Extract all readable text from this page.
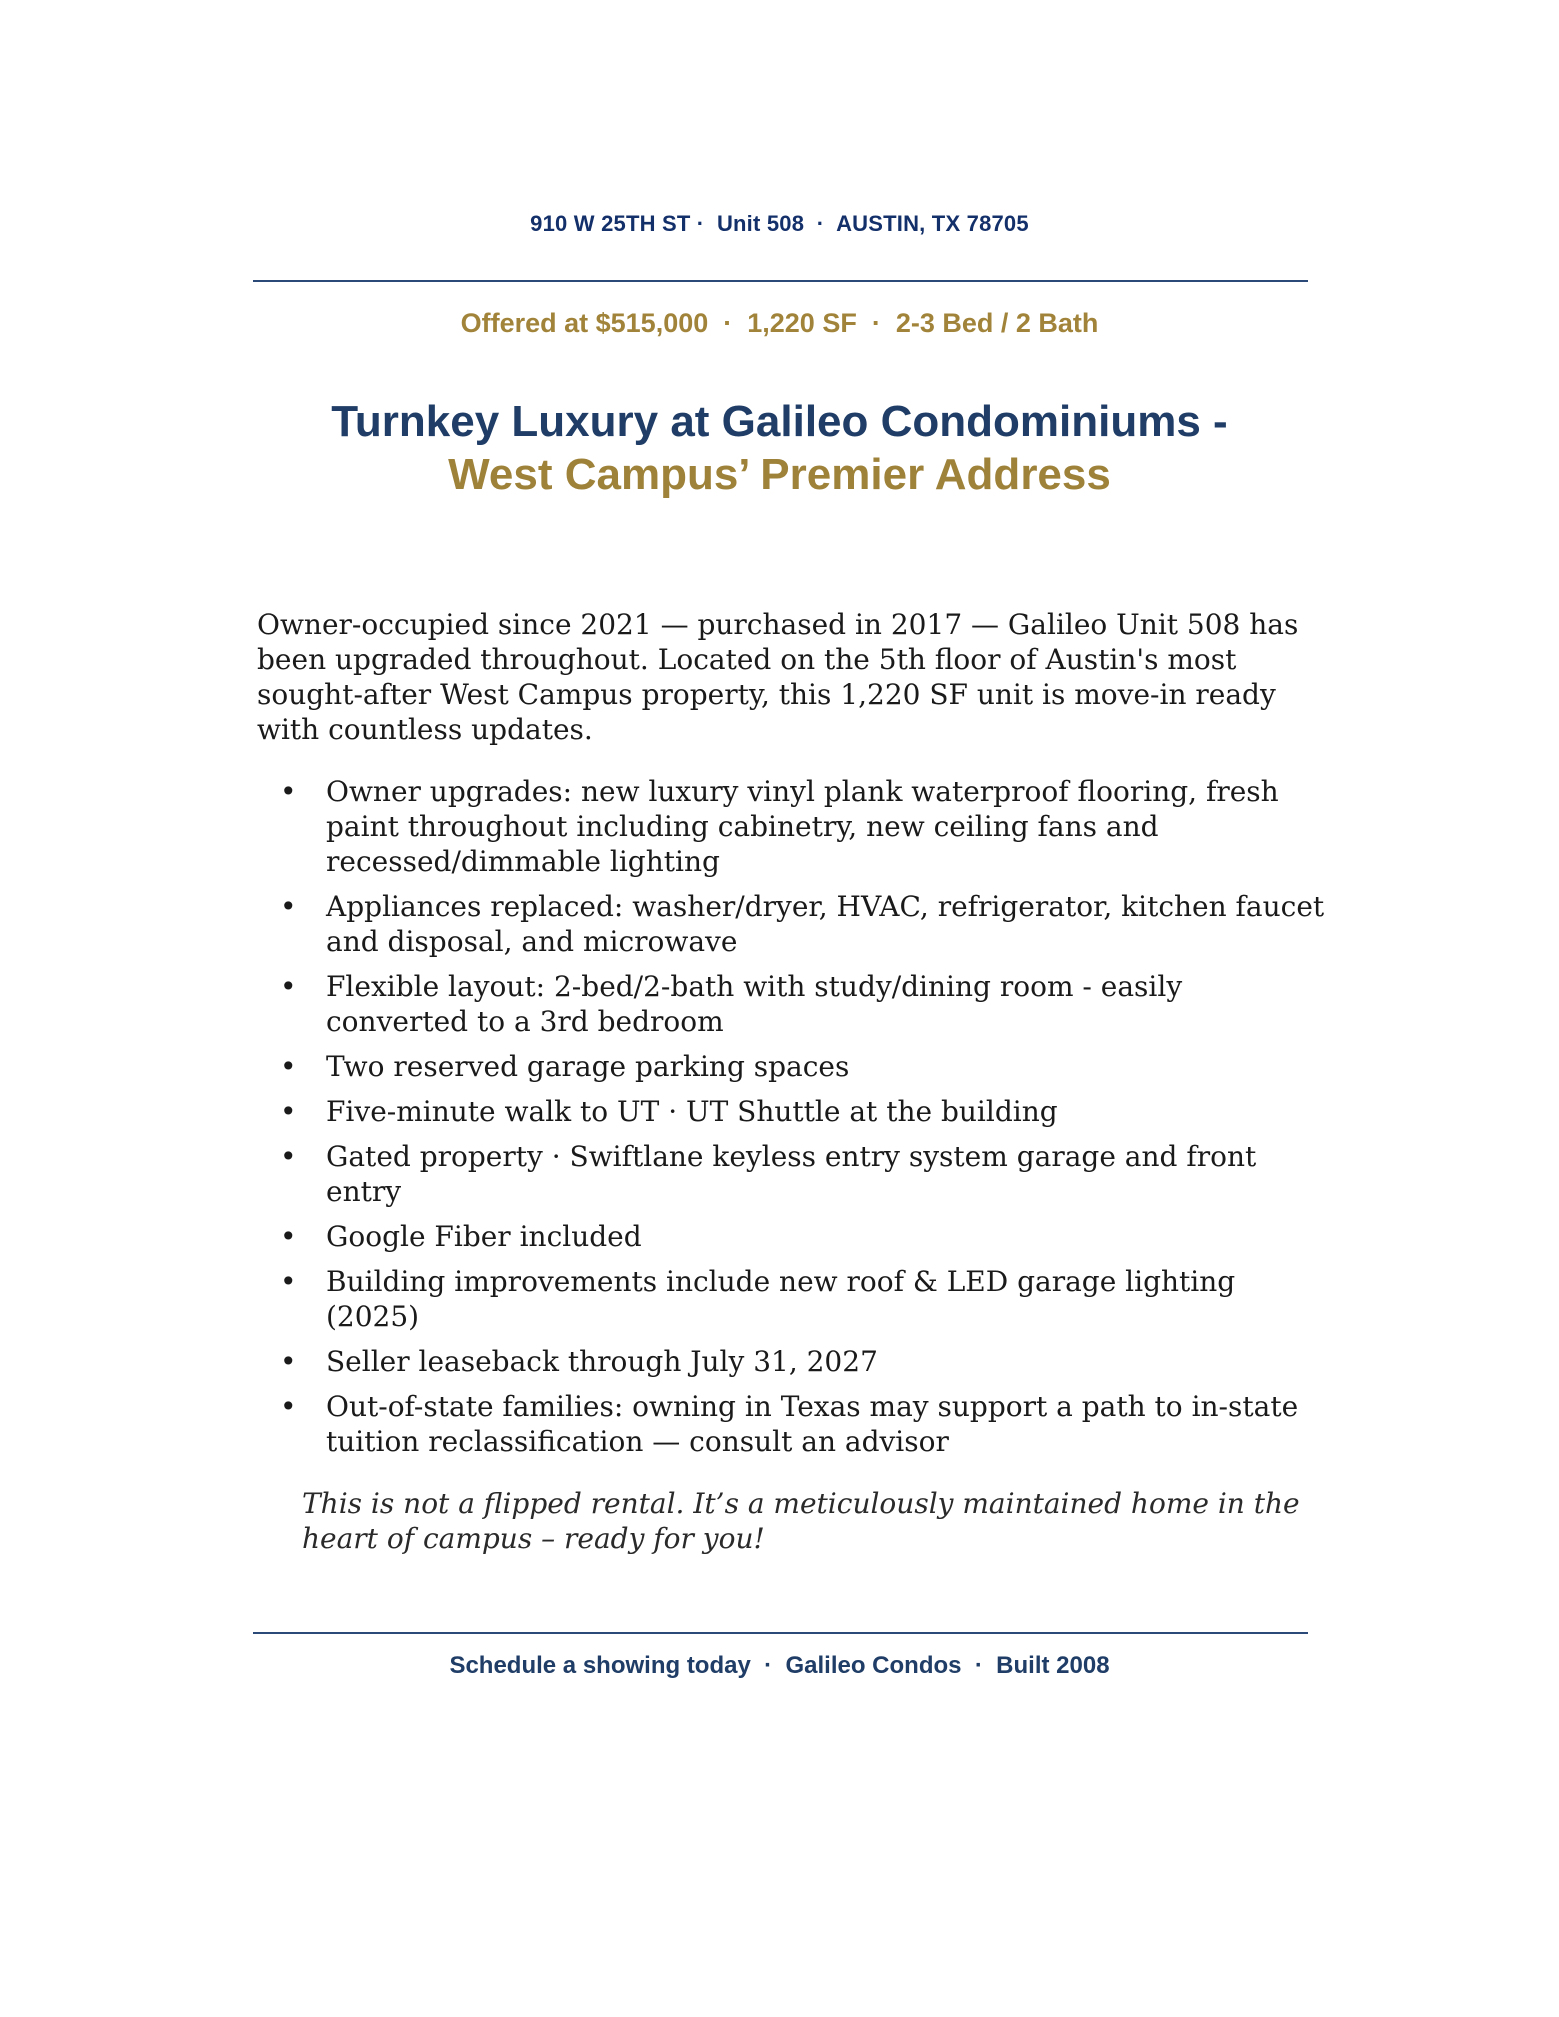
910 W 25TH ST ·  Unit 508  ·  AUSTIN, TX 78705
Offered at $515,000  ·  1,220 SF  ·  2-3 Bed / 2 Bath
Turnkey Luxury at Galileo Condominiums -
West Campus’ Premier Address

Owner-occupied since 2021 — purchased in 2017 — Galileo Unit 508 has been upgraded throughout. Located on the 5th floor of Austin's most sought-after West Campus property, this 1,220 SF unit is move-in ready with countless updates.

• Owner upgrades: new luxury vinyl plank waterproof flooring, fresh paint throughout including cabinetry, new ceiling fans and recessed/dimmable lighting
• Appliances replaced: washer/dryer, HVAC, refrigerator, kitchen faucet and disposal, and microwave
• Flexible layout: 2-bed/2-bath with study/dining room - easily converted to a 3rd bedroom
• Two reserved garage parking spaces
• Five-minute walk to UT · UT Shuttle at the building
• Gated property · Swiftlane keyless entry system garage and front entry
• Google Fiber included
• Building improvements include new roof & LED garage lighting (2025)
• Seller leaseback through July 31, 2027
• Out-of-state families: owning in Texas may support a path to in-state tuition reclassification — consult an advisor
This is not a flipped rental. It’s a meticulously maintained home in the heart of campus – ready for you!
Schedule a showing today  ·  Galileo Condos  ·  Built 2008
